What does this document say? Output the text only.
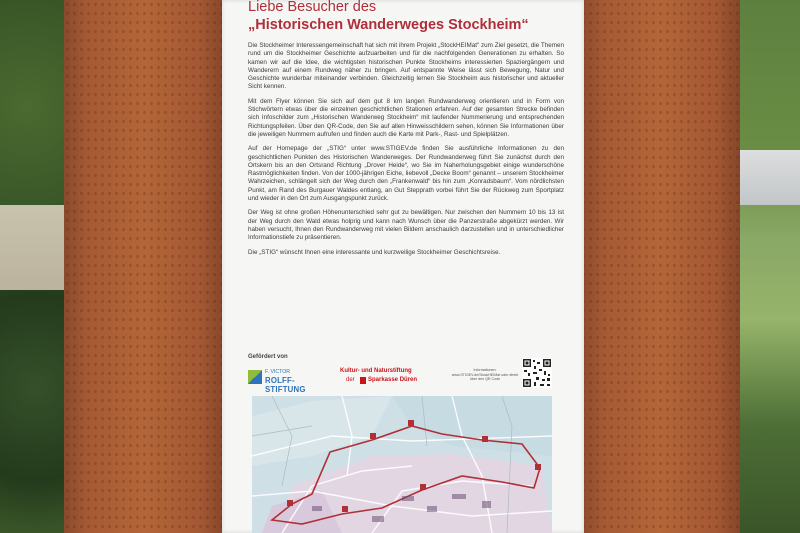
Liebe Besucher des
„Historischen Wanderweges Stockheim“

Die Stockheimer Interessengemeinschaft hat sich mit ihrem Projekt „StockHEIMat“ zum Ziel gesetzt, die Themen rund um die Stockheimer Geschichte aufzuarbeiten und für die nachfolgenden Generationen zu erhalten. So kamen wir auf die Idee, die wichtigsten historischen Punkte Stockheims interessierten Spaziergängern und Wanderern auf einem Rundweg näher zu bringen. Auf entspannte Weise lässt sich Bewegung, Natur und Geschichte wunderbar miteinander verbinden. Gleichzeitig lernen Sie Stockheim aus historischer und aktueller Sicht kennen.

Mit dem Flyer können Sie sich auf dem gut 8 km langen Rundwanderweg orientieren und in Form von Stichwörtern etwas über die einzelnen geschichtlichen Stationen erfahren. Auf der gesamten Strecke befinden sich Infoschilder zum „Historischen Wanderweg Stockheim“ mit laufender Nummerierung und entsprechenden Richtungspfeilen. Über den QR-Code, den Sie auf allen Hinweisschildern sehen, können Sie Informationen über die jeweiligen Nummern aufrufen und finden auch die Karte mit Park-, Rast- und Spielplätzen.

Auf der Homepage der „STIG“ unter www.STIGEV.de finden Sie ausführliche Informationen zu den geschichtlichen Punkten des Historischen Wanderweges. Der Rundwanderweg führt Sie zunächst durch den Ortskern bis an den Ortsrand Richtung „Drover Heide“, wo Sie im Naherholungsgebiet einige wunderschöne Rastmöglichkeiten finden. Von der 1000-jährigen Eiche, liebevoll „Decke Boom“ genannt – unserem Stockheimer Wahrzeichen, schlängelt sich der Weg durch den „Frankenwald“ bis hin zum „Konradsbaum“. Vom nördlichsten Punkt, am Rand des Burgauer Waldes entlang, an Gut Stepprath vorbei führt Sie der Rückweg zum Sportplatz und wieder in den Ort zum Ausgangspunkt zurück.

Der Weg ist ohne großen Höhenunterschied sehr gut zu bewältigen. Nur zwischen den Nummern 10 bis 13 ist der Weg durch den Wald etwas holprig und kann nach Wunsch über die Panzerstraße abgekürzt werden. Wir haben versucht, Ihnen den Rundwanderweg mit vielen Bildern anschaulich darzustellen und in unterschiedlicher Informationstiefe zu präsentieren.

Die „STIG“ wünscht Ihnen eine interessante und kurzweilige Stockheimer Geschichtsreise.

Gefördert von
F. VICTOR
ROLFF-STIFTUNG
Kultur- und Naturstiftung
der Sparkasse Düren
Informationen: www.STIGEV.de/StockHEIMat oder direkt über den QR Code
